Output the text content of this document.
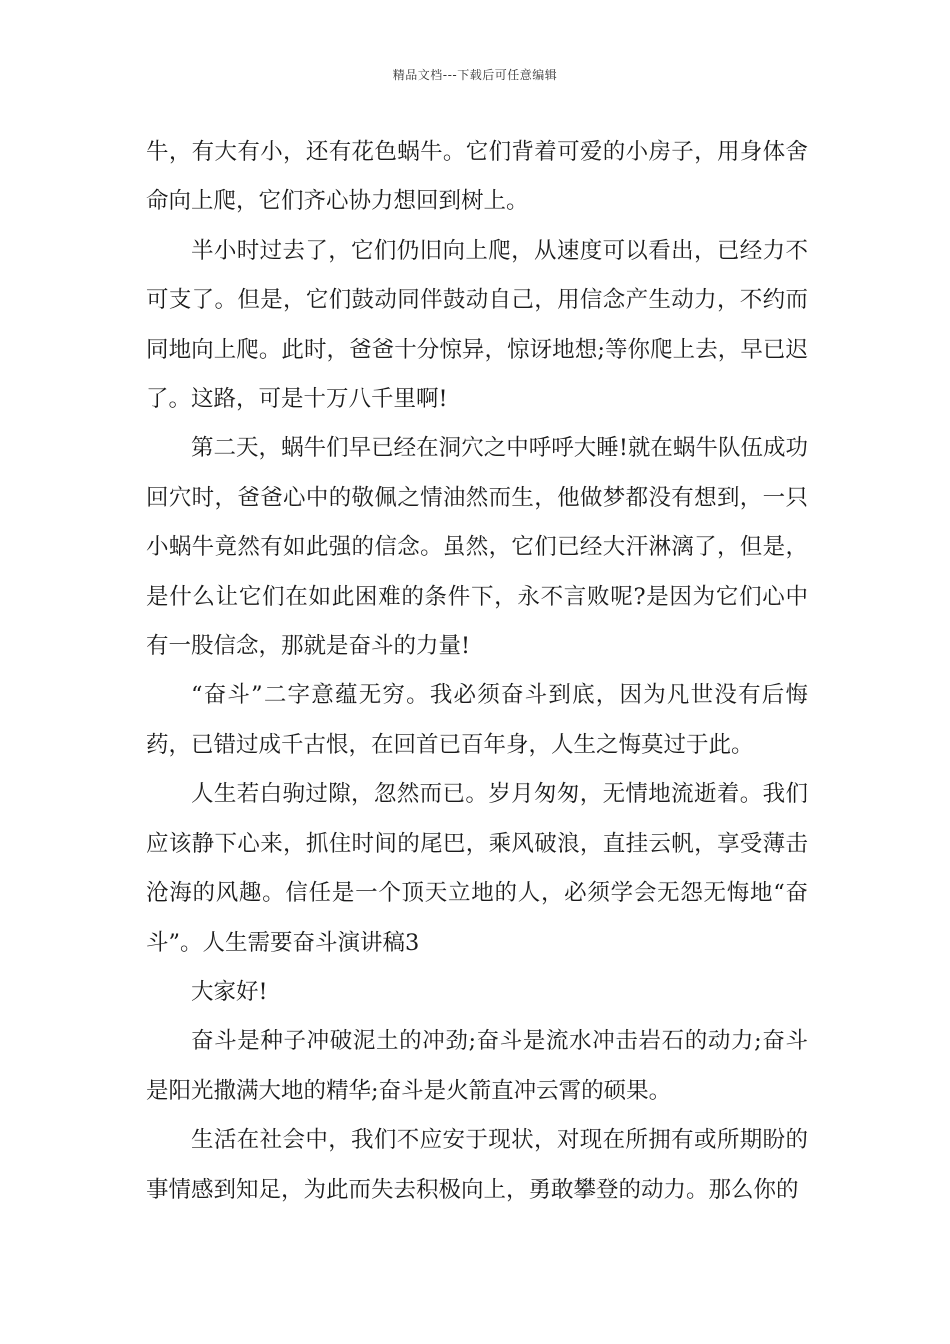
精品文档---下载后可任意编辑

牛，有大有小，还有花色蜗牛。它们背着可爱的小房子，用身体舍命向上爬，它们齐心协力想回到树上。

半小时过去了，它们仍旧向上爬，从速度可以看出，已经力不可支了。但是，它们鼓动同伴鼓动自己，用信念产生动力，不约而同地向上爬。此时，爸爸十分惊异，惊讶地想;等你爬上去，早已迟了。这路，可是十万八千里啊!

第二天，蜗牛们早已经在洞穴之中呼呼大睡!就在蜗牛队伍成功回穴时，爸爸心中的敬佩之情油然而生，他做梦都没有想到，一只小蜗牛竟然有如此强的信念。虽然，它们已经大汗淋漓了，但是，是什么让它们在如此困难的条件下，永不言败呢?是因为它们心中有一股信念，那就是奋斗的力量!

“奋斗”二字意蕴无穷。我必须奋斗到底，因为凡世没有后悔药，已错过成千古恨，在回首已百年身，人生之悔莫过于此。

人生若白驹过隙，忽然而已。岁月匆匆，无情地流逝着。我们应该静下心来，抓住时间的尾巴，乘风破浪，直挂云帆，享受薄击沧海的风趣。信任是一个顶天立地的人，必须学会无怨无悔地“奋斗”。人生需要奋斗演讲稿3

大家好!

奋斗是种子冲破泥土的冲劲;奋斗是流水冲击岩石的动力;奋斗是阳光撒满大地的精华;奋斗是火箭直冲云霄的硕果。

生活在社会中，我们不应安于现状，对现在所拥有或所期盼的事情感到知足，为此而失去积极向上，勇敢攀登的动力。那么你的
